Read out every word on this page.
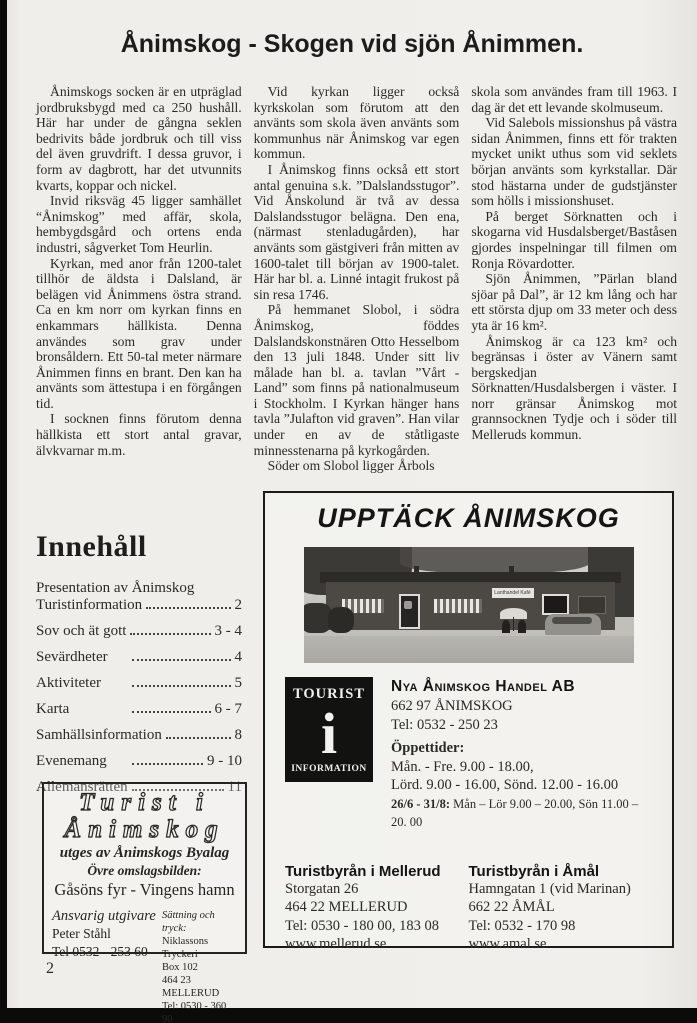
Ånimskog - Skogen vid sjön Ånimmen.

Ånimskogs socken är en utpräglad jordbruksbygd med ca 250 hushåll. Här har under de gångna seklen bedrivits både jordbruk och till viss del även gruvdrift. I dessa gruvor, i form av dagbrott, har det utvunnits kvarts, koppar och nickel.

Invid riksväg 45 ligger samhället “Ånimskog” med affär, skola, hembygdsgård och ortens enda industri, sågverket Tom Heurlin.

Kyrkan, med anor från 1200-talet tillhör de äldsta i Dalsland, är belägen vid Ånimmens östra strand. Ca en km norr om kyrkan finns en enkammars hällkista. Denna användes som grav under bronsåldern. Ett 50-tal meter närmare Ånimmen finns en brant. Den kan ha använts som ättestupa i en förgången tid.

I socknen finns förutom denna hällkista ett stort antal gravar, älvkvarnar m.m.

Vid kyrkan ligger också kyrkskolan som förutom att den använts som skola även använts som kommunhus när Ånimskog var egen kommun.

I Ånimskog finns också ett stort antal genuina s.k. ”Dalslandsstugor”. Vid Ånskolund är två av dessa Dalslandsstugor belägna. Den ena, (närmast stenladugården), har använts som gästgiveri från mitten av 1600-talet till början av 1900-talet. Här har bl. a. Linné intagit frukost på sin resa 1746.

På hemmanet Slobol, i södra Ånimskog, föddes Dalslandskonstnären Otto Hesselbom den 13 juli 1848. Under sitt liv målade han bl. a. tavlan ”Vårt - Land” som finns på nationalmuseum i Stockholm. I Kyrkan hänger hans tavla ”Julafton vid graven”. Han vilar under en av de ståtligaste minnesstenarna på kyrkogården.

Söder om Slobol ligger Årbols

skola som användes fram till 1963. I dag är det ett levande skolmuseum.

Vid Salebols missionshus på västra sidan Ånimmen, finns ett för trakten mycket unikt uthus som vid seklets början använts som kyrkstallar. Där stod hästarna under de gudstjänster som hölls i missionshuset.

På berget Sörknatten och i skogarna vid Husdalsberget/Baståsen gjordes inspelningar till filmen om Ronja Rövardotter.

Sjön Ånimmen, ”Pärlan bland sjöar på Dal”, är 12 km lång och har ett största djup om 33 meter och dess yta är 16 km².

Ånimskog är ca 123 km² och begränsas i öster av Vänern samt bergskedjan Sörknatten/Husdalsbergen i väster. I norr gränsar Ånimskog mot grannsocknen Tydje och i söder till Melleruds kommun.

Innehåll
Presentation av Ånimskog
Turistinformation	2
Sov och ät gott	3 - 4
Sevärdheter	4
Aktiviteter	5
Karta	6 - 7
Samhällsinformation	8
Evenemang	9 - 10
Allemansrätten	11
Turist i
Ånimskog
utges av Ånimskogs Byalag
Övre omslagsbilden:
Gåsöns fyr - Vingens hamn
Ansvarig utgivare
Peter Ståhl
Tel 0532 - 253 60
Sättning och tryck:
Niklassons Tryckeri
Box 102
464 23 MELLERUD
Tel: 0530 - 360 90
UPPTÄCK ÅNIMSKOG
Lanthandel Kafé
TOURIST
i
INFORMATION
Nya Ånimskog Handel AB
662 97 ÅNIMSKOG
Tel: 0532 - 250 23
Öppettider:
Mån. - Fre. 9.00 - 18.00,
Lörd. 9.00 - 16.00, Sönd. 12.00 - 16.00
26/6 - 31/8: Mån – Lör 9.00 – 20.00, Sön 11.00 – 20. 00
Turistbyrån i Mellerud
Storgatan 26
464 22 MELLERUD
Tel: 0530 - 180 00, 183 08
www.mellerud.se
Turistbyrån i Åmål
Hamngatan 1 (vid Marinan)
662 22 ÅMÅL
Tel: 0532 - 170 98
www.amal.se
2
